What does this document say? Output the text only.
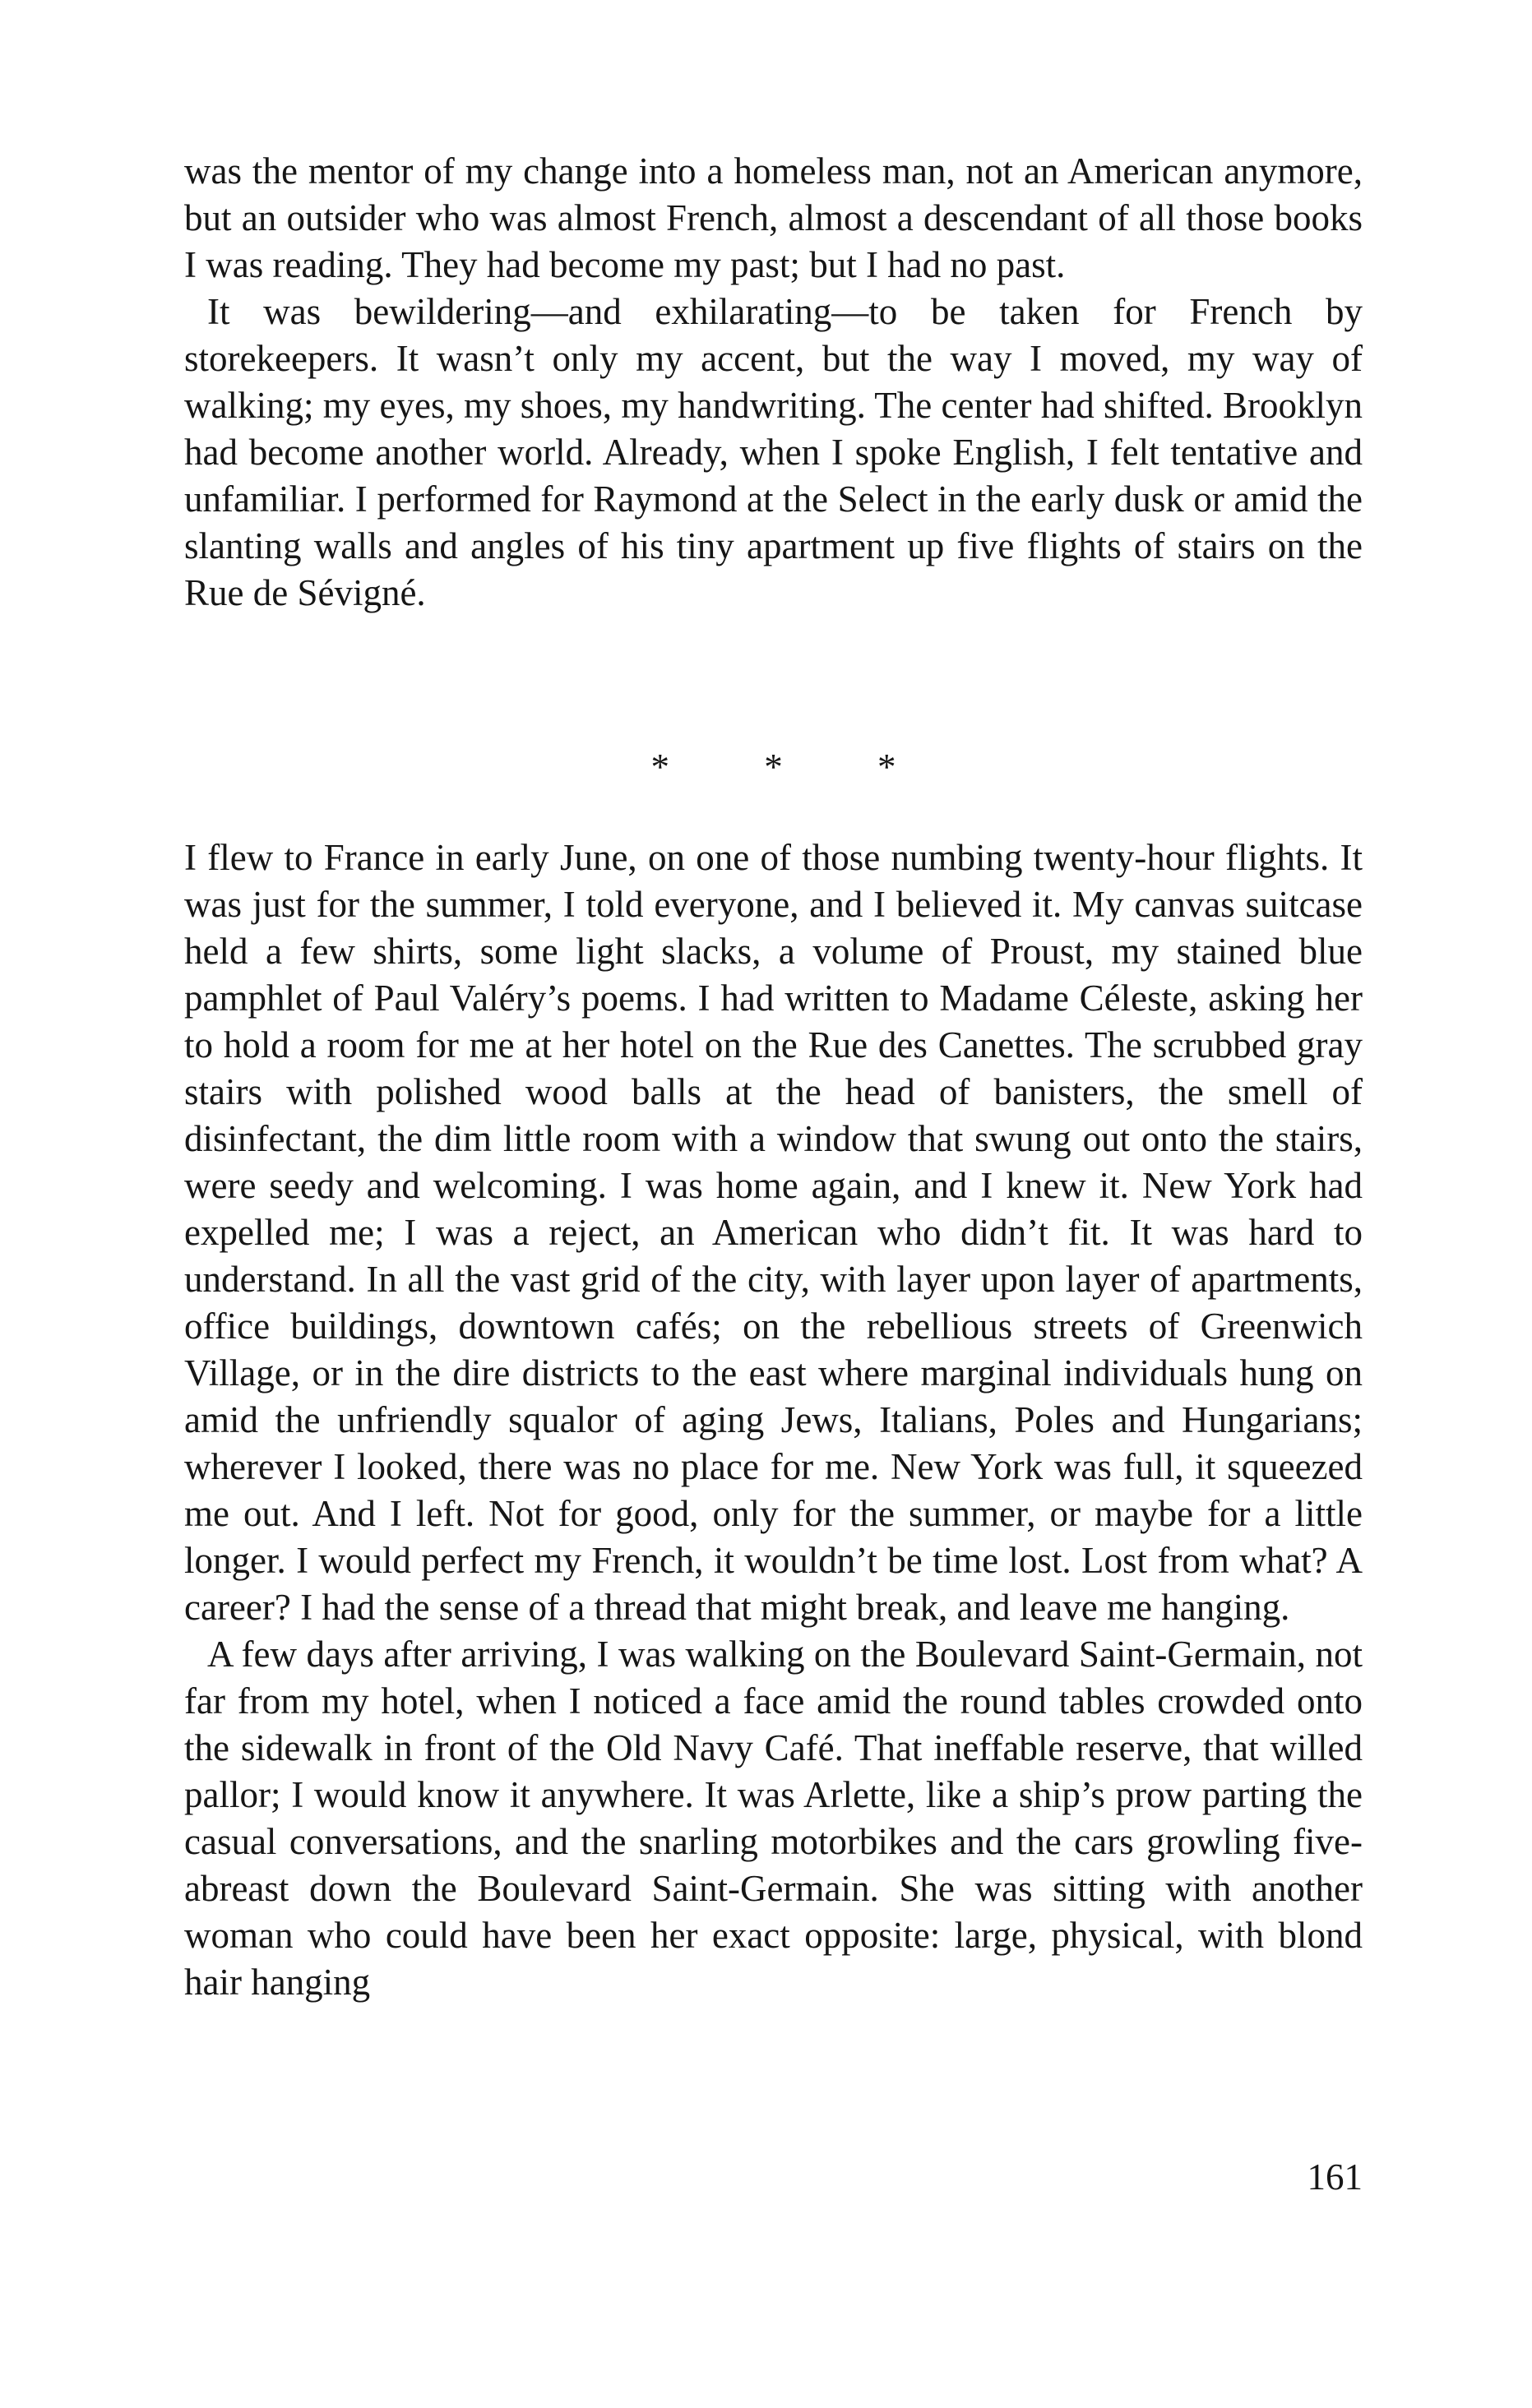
was the mentor of my change into a homeless man, not an American anymore, but an outsider who was almost French, almost a descendant of all those books I was reading. They had become my past; but I had no past.

It was bewildering—and exhilarating—to be taken for French by storekeepers. It wasn’t only my accent, but the way I moved, my way of walking; my eyes, my shoes, my handwriting. The center had shifted. Brooklyn had become another world. Already, when I spoke English, I felt tentative and unfamiliar. I performed for Raymond at the Select in the early dusk or amid the slanting walls and angles of his tiny apartment up five flights of stairs on the Rue de Sévigné.

* * *

I flew to France in early June, on one of those numbing twenty-hour flights. It was just for the summer, I told everyone, and I believed it. My canvas suitcase held a few shirts, some light slacks, a volume of Proust, my stained blue pamphlet of Paul Valéry’s poems. I had written to Madame Céleste, asking her to hold a room for me at her hotel on the Rue des Canettes. The scrubbed gray stairs with polished wood balls at the head of banisters, the smell of disinfectant, the dim little room with a window that swung out onto the stairs, were seedy and welcoming. I was home again, and I knew it. New York had expelled me; I was a reject, an American who didn’t fit. It was hard to understand. In all the vast grid of the city, with layer upon layer of apartments, office buildings, downtown cafés; on the rebellious streets of Greenwich Village, or in the dire districts to the east where marginal individuals hung on amid the unfriendly squalor of aging Jews, Italians, Poles and Hungarians; wherever I looked, there was no place for me. New York was full, it squeezed me out. And I left. Not for good, only for the summer, or maybe for a little longer. I would perfect my French, it wouldn’t be time lost. Lost from what? A career? I had the sense of a thread that might break, and leave me hanging.

A few days after arriving, I was walking on the Boulevard Saint-Germain, not far from my hotel, when I noticed a face amid the round tables crowded onto the sidewalk in front of the Old Navy Café. That ineffable reserve, that willed pallor; I would know it anywhere. It was Arlette, like a ship’s prow parting the casual conversations, and the snarling motorbikes and the cars growling five-abreast down the Boulevard Saint-Germain. She was sitting with another woman who could have been her exact opposite: large, physical, with blond hair hanging

161
